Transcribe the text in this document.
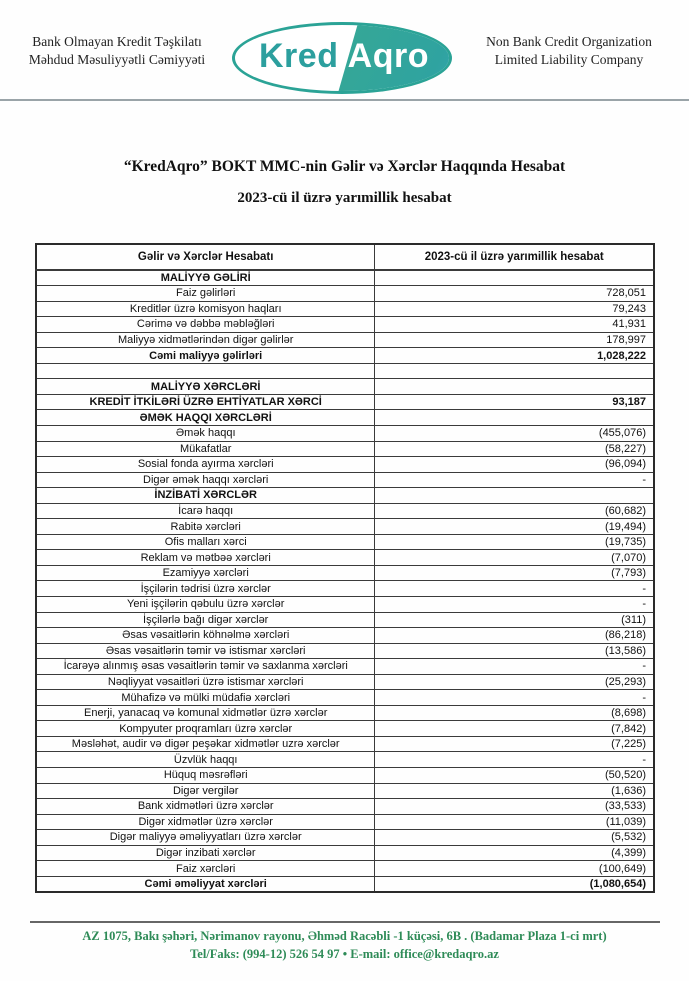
Bank Olmayan Kredit Təşkilatı
Məhdud Məsuliyyətli Cəmiyyəti	Kred Aqro	Non Bank Credit Organization
Limited Liability Company
“KredAqro” BOKT MMC-nin Gəlir və Xərclər Haqqında Hesabat
2023-cü il üzrə yarımillik hesabat
Gəlir və Xərclər Hesabatı	2023-cü il üzrə yarımillik hesabat
MALİYYƏ GƏLİRİ	
Faiz gəlirləri	728,051
Kreditlər üzrə komisyon haqları	79,243
Cərimə və dəbbə məbləğləri	41,931
Maliyyə xidmətlərindən digər gəlirlər	178,997
Cəmi maliyyə gəlirləri	1,028,222

MALİYYƏ XƏRCLƏRİ	
KREDİT İTKİLƏRİ ÜZRƏ EHTİYATLAR XƏRCİ	93,187
ƏMƏK HAQQI XƏRCLƏRİ	
Əmək haqqı	(455,076)
Mükafatlar	(58,227)
Sosial fonda ayırma xərcləri	(96,094)
Digər əmək haqqı xərcləri	-
İNZİBATİ XƏRCLƏR	
İcarə haqqı	(60,682)
Rabitə xərcləri	(19,494)
Ofis malları xərci	(19,735)
Reklam və mətbəə xərcləri	(7,070)
Ezamiyyə xərcləri	(7,793)
İşçilərin tədrisi üzrə xərclər	-
Yeni işçilərin qəbulu üzrə xərclər	-
İşçilərlə bağı digər xərclər	(311)
Əsas vəsaitlərin köhnəlmə xərcləri	(86,218)
Əsas vəsaitlərin təmir və istismar xərcləri	(13,586)
İcarəyə alınmış əsas vəsaitlərin təmir və saxlanma xərcləri	-
Nəqliyyat vəsaitləri üzrə istismar xərcləri	(25,293)
Mühafizə və mülki müdafiə xərcləri	-
Enerji, yanacaq və komunal xidmətlər üzrə xərclər	(8,698)
Kompyuter proqramları üzrə xərclər	(7,842)
Məsləhət, audir və digər peşəkar xidmətlər uzrə xərclər	(7,225)
Üzvlük haqqı	-
Hüquq məsrəfləri	(50,520)
Digər vergilər	(1,636)
Bank xidmətləri üzrə xərclər	(33,533)
Digər xidmətlər üzrə xərclər	(11,039)
Digər maliyyə əməliyyatları üzrə xərclər	(5,532)
Digər inzibati xərclər	(4,399)
Faiz xərcləri	(100,649)
Cəmi əməliyyat xərcləri	(1,080,654)
AZ 1075, Bakı şəhəri, Nərimanov rayonu, Əhməd Racəbli -1 küçəsi, 6B . (Badamar Plaza 1-ci mrt)
Tel/Faks: (994-12) 526 54 97 • E-mail: office@kredaqro.az
